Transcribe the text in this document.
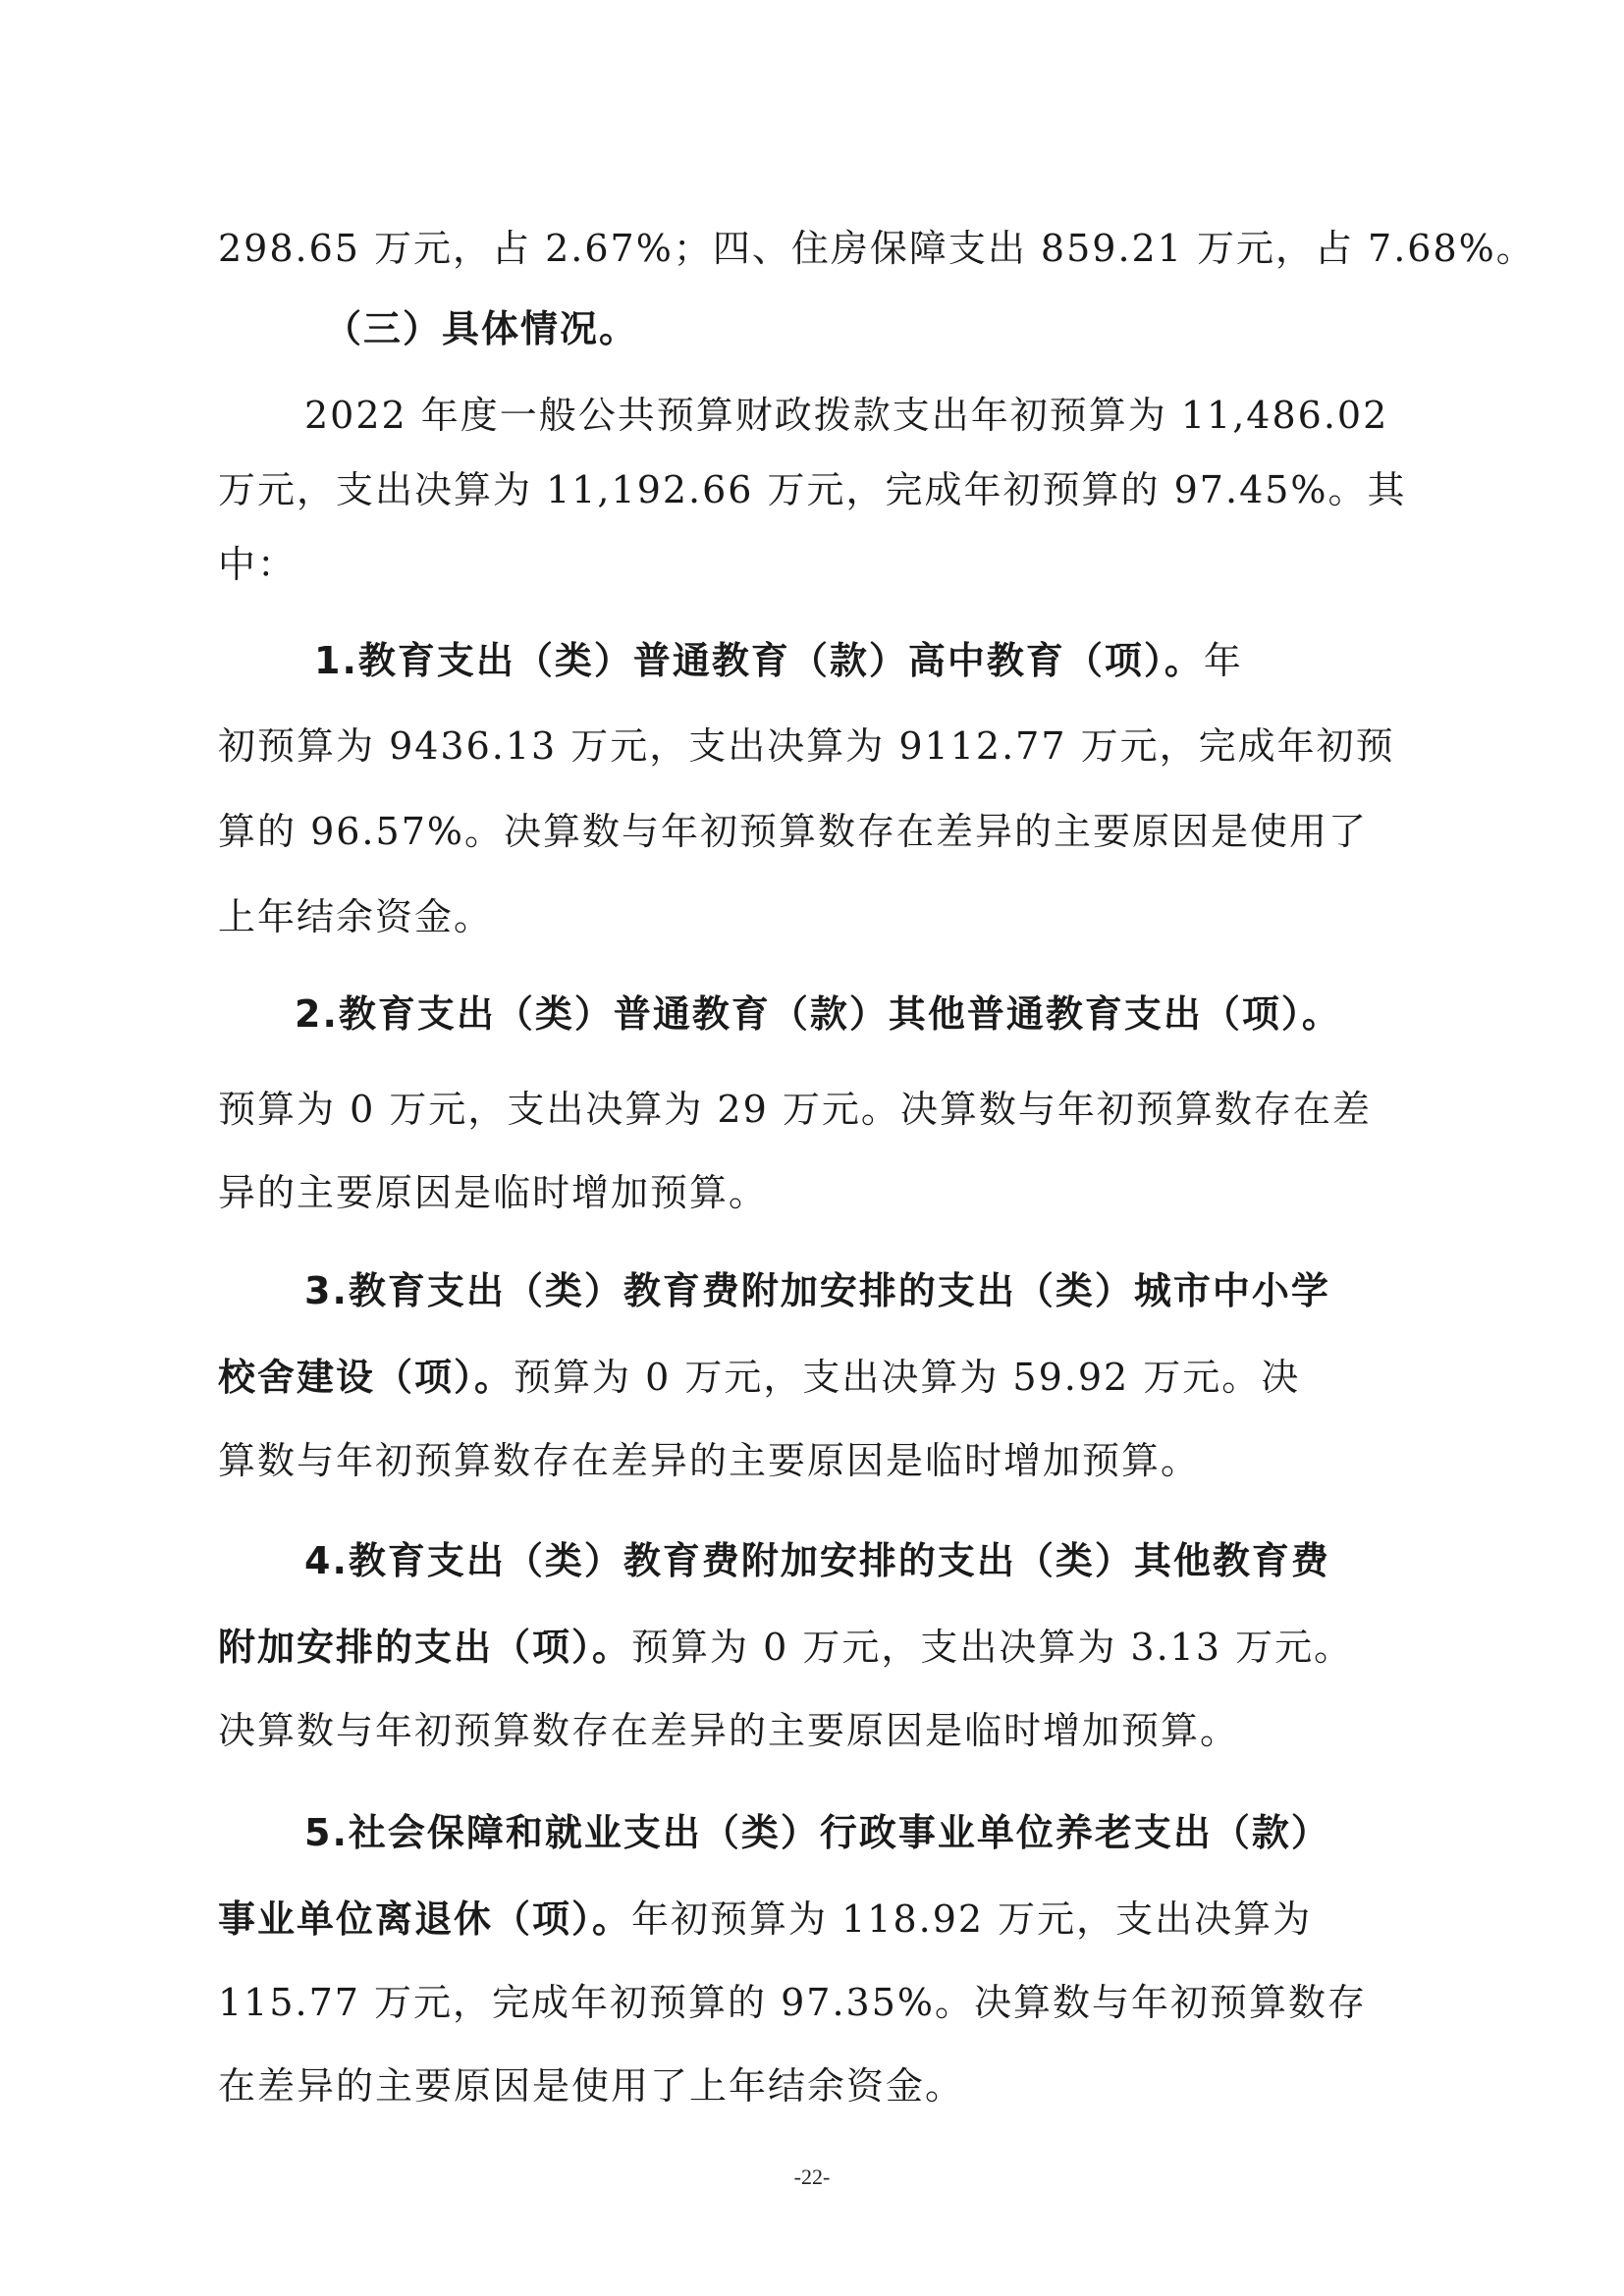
298.65 万元，占 2.67%；四、住房保障支出 859.21 万元，占 7.68%。
（三）具体情况。
2022 年度一般公共预算财政拨款支出年初预算为 11,486.02
万元，支出决算为 11,192.66 万元，完成年初预算的 97.45%。其
中：
1.教育支出（类）普通教育（款）高中教育（项）。年
初预算为 9436.13 万元，支出决算为 9112.77 万元，完成年初预
算的 96.57%。决算数与年初预算数存在差异的主要原因是使用了
上年结余资金。
2.教育支出（类）普通教育（款）其他普通教育支出（项）。
预算为 0 万元，支出决算为 29 万元。决算数与年初预算数存在差
异的主要原因是临时增加预算。
3.教育支出（类）教育费附加安排的支出（类）城市中小学
校舍建设（项）。预算为 0 万元，支出决算为 59.92 万元。决
算数与年初预算数存在差异的主要原因是临时增加预算。
4.教育支出（类）教育费附加安排的支出（类）其他教育费
附加安排的支出（项）。预算为 0 万元，支出决算为 3.13 万元。
决算数与年初预算数存在差异的主要原因是临时增加预算。
5.社会保障和就业支出（类）行政事业单位养老支出（款）
事业单位离退休（项）。年初预算为 118.92 万元，支出决算为
115.77 万元，完成年初预算的 97.35%。决算数与年初预算数存
在差异的主要原因是使用了上年结余资金。
-22-
